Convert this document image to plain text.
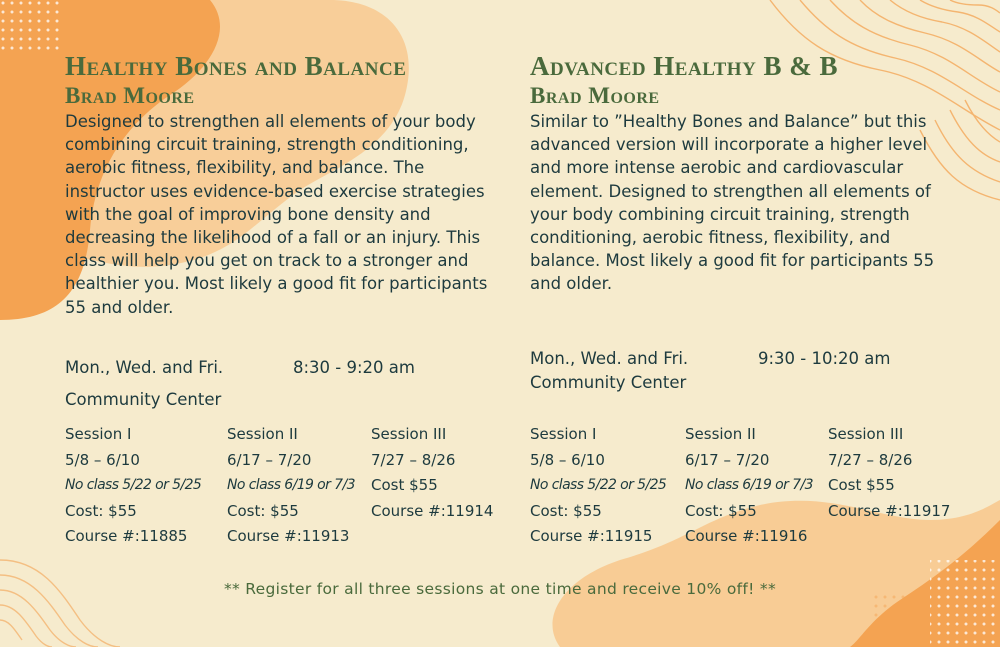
Healthy Bones and Balance
Brad Moore

Designed to strengthen all elements of your body combining circuit training, strength conditioning, aerobic fitness, flexibility, and balance. The instructor uses evidence-based exercise strategies with the goal of improving bone density and decreasing the likelihood of a fall or an injury. This class will help you get on track to a stronger and healthier you. Most likely a good fit for participants 55 and older.

Mon., Wed. and Fri.	8:30 - 9:20 am
Community Center
Session I
5/8 – 6/10
No class 5/22 or 5/25
Cost: $55
Course #:11885
Session II
6/17 – 7/20
No class 6/19 or 7/3
Cost: $55
Course #:11913
Session III
7/27 – 8/26
Cost $55
Course #:11914
Advanced Healthy B & B
Brad Moore

Similar to ”Healthy Bones and Balance” but this advanced version will incorporate a higher level and more intense aerobic and cardiovascular element. Designed to strengthen all elements of your body combining circuit training, strength conditioning, aerobic fitness, flexibility, and balance. Most likely a good fit for participants 55 and older.

Mon., Wed. and Fri.	9:30 - 10:20 am
Community Center
Session I
5/8 – 6/10
No class 5/22 or 5/25
Cost: $55
Course #:11915
Session II
6/17 – 7/20
No class 6/19 or 7/3
Cost: $55
Course #:11916
Session III
7/27 – 8/26
Cost $55
Course #:11917
** Register for all three sessions at one time and receive 10% off! **
